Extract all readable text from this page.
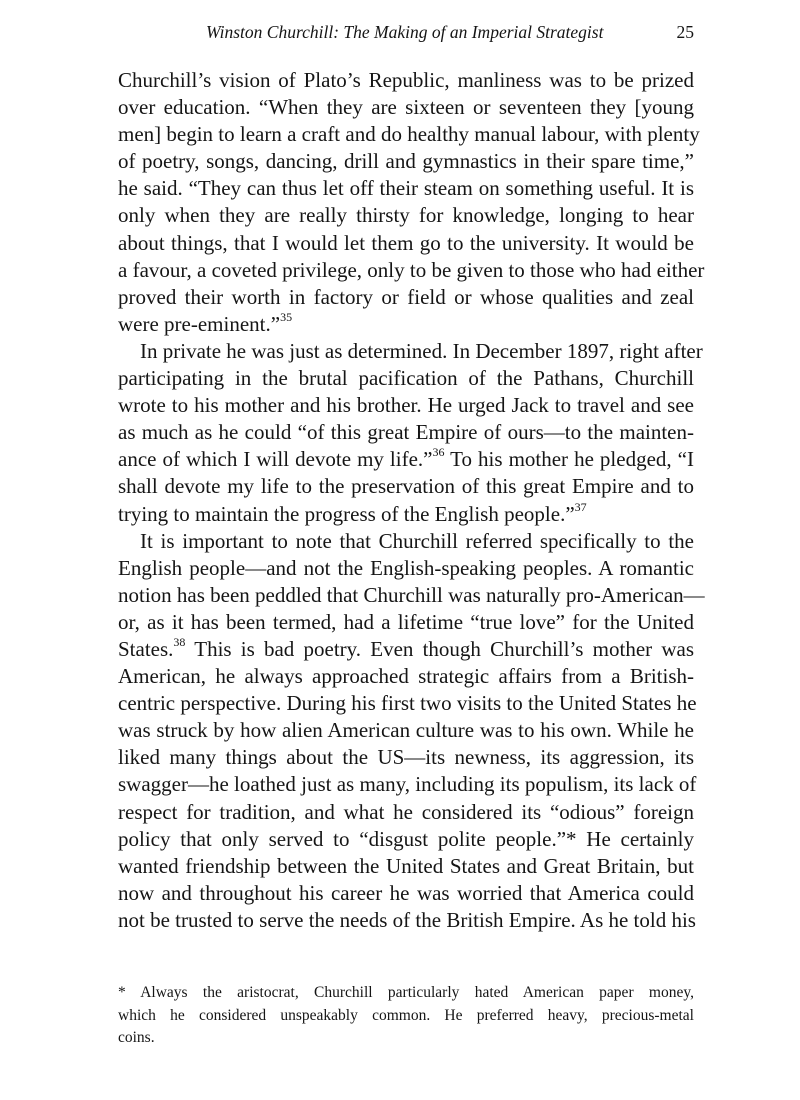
Winston Churchill: The Making of an Imperial Strategist	25
Churchill’s vision of Plato’s Republic, manliness was to be prized
over education. “When they are sixteen or seventeen they [young
men] begin to learn a craft and do healthy manual labour, with plenty
of poetry, songs, dancing, drill and gymnastics in their spare time,”
he said. “They can thus let off their steam on something useful. It is
only when they are really thirsty for knowledge, longing to hear
about things, that I would let them go to the university. It would be
a favour, a coveted privilege, only to be given to those who had either
proved their worth in factory or field or whose qualities and zeal
were pre-eminent.”$^{35}$
In private he was just as determined. In December 1897, right after
participating in the brutal pacification of the Pathans, Churchill
wrote to his mother and his brother. He urged Jack to travel and see
as much as he could “of this great Empire of ours—to the mainten-
ance of which I will devote my life.”$^{36}$ To his mother he pledged, “I
shall devote my life to the preservation of this great Empire and to
trying to maintain the progress of the English people.”$^{37}$
It is important to note that Churchill referred specifically to the
English people—and not the English-speaking peoples. A romantic
notion has been peddled that Churchill was naturally pro-American—
or, as it has been termed, had a lifetime “true love” for the United
States.$^{38}$ This is bad poetry. Even though Churchill’s mother was
American, he always approached strategic affairs from a British-
centric perspective. During his first two visits to the United States he
was struck by how alien American culture was to his own. While he
liked many things about the US—its newness, its aggression, its
swagger—he loathed just as many, including its populism, its lack of
respect for tradition, and what he considered its “odious” foreign
policy that only served to “disgust polite people.”* He certainly
wanted friendship between the United States and Great Britain, but
now and throughout his career he was worried that America could
not be trusted to serve the needs of the British Empire. As he told his
* Always the aristocrat, Churchill particularly hated American paper money,
which he considered unspeakably common. He preferred heavy, precious-metal
coins.
